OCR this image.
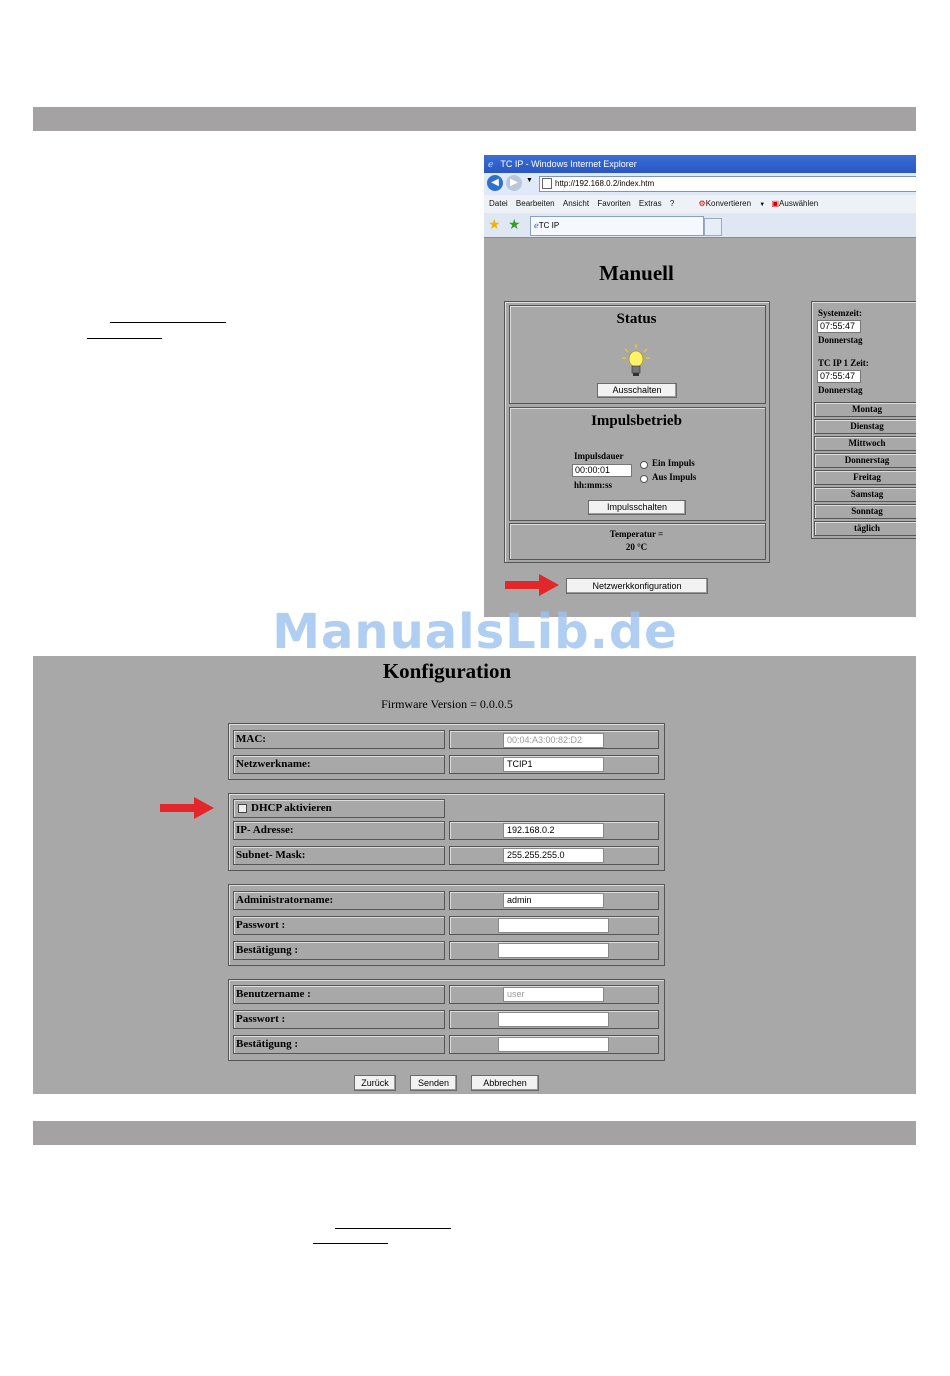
ℯ TC IP - Windows Internet Explorer
◀	▶	▼	http://192.168.0.2/index.htm
Datei Bearbeiten Ansicht Favoriten Extras ?	⚙Konvertieren ▼ ▣Auswählen
★ ★	ℯTC IP
Manuell
Status
Ausschalten
Impulsbetrieb
Impulsdauer
00:00:01
hh:mm:ss
Ein Impuls
Aus Impuls
Impulsschalten
Temperatur =
20 °C
Netzwerkkonfiguration
Systemzeit:
07:55:47
Donnerstag
TC IP 1 Zeit:
07:55:47
Donnerstag
Montag
Dienstag
Mittwoch
Donnerstag
Freitag
Samstag
Sonntag
täglich
Konfiguration
Firmware Version = 0.0.0.5
MAC:	00:04:A3:00:82:D2
Netzwerkname:	TCIP1
DHCP aktivieren
IP- Adresse:	192.168.0.2
Subnet- Mask:	255.255.255.0
Administratorname:	admin
Passwort :
Bestätigung :
Benutzername :	user
Passwort :
Bestätigung :
Zurück	Senden	Abbrechen
ManualsLib.de
